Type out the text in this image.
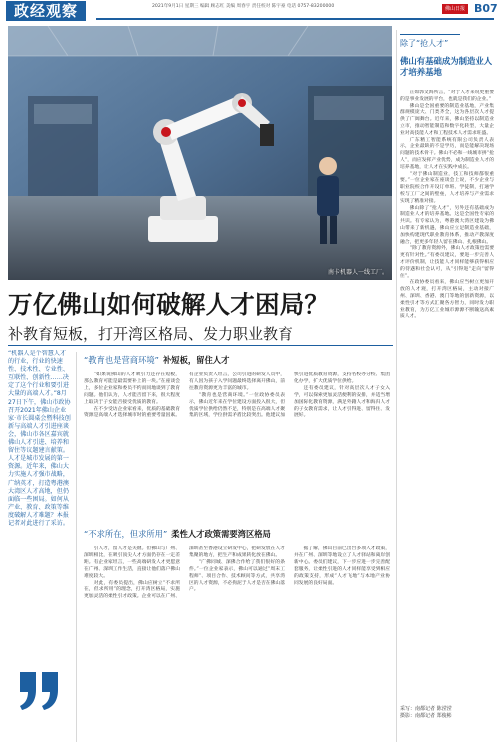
政经观察	2021年9月1日 星期三 编辑 顾志红 美编 周春宇 责任校对 陈宇豪 电话 0757-83200000	佛山日报 B07
南卡机器人一线工厂。
万亿佛山如何破解人才困局？
补教育短板，打开湾区格局、发力职业教育
除了“抢人才”
佛山有基础成为制造业人才培养基地

正如郭文海所言，“对于人才来说更重要的是事业发展的平台，也就是我们的企业。”

佛山是全国重要的制造业基地，产业集群规模庞大、门类齐全，这为各层次人才提供了广阔舞台。近年来，佛山坚持以制造业立市，推动智能制造和数字化转型，大量企业对高技能人才和工程技术人才需求旺盛。

广东精工智能系统有限公司负责人表示，企业最缺的不是学历，而是能解决现场问题的技术骨干。佛山不必和一线城市拼“抢人”，而应发挥产业优势，成为制造业人才的培养基地，让人才在实践中成长。

“对于佛山制造业，技工和技师都很重要。”一位企业家在座谈会上说，不少企业与职业院校合作开设订单班、学徒制，打通学校与工厂之间的壁垒，人才培养与产业需求实现了精准对接。

佛山除了“抢人才”，另外还有基础成为制造业人才的培养基地。这是全国性专家的共识。有专家认为，粤港澳大湾区建设为佛山带来了新机遇，佛山应立足制造业基础，加快构建现代职业教育体系，推动产教深度融合，把更多年轻人留在佛山、扎根佛山。

“除了教育资源外，佛山人才政策也需要更有针对性。”有委员建议，要进一步完善人才评价机制，让技能人才同样能够获得相应的待遇和社会认可，从“引得进”走向“留得住”。

在政协委员看来，佛山应当树立更加开放的人才观，打开湾区格局，主动对接广州、深圳、香港、澳门等地的创新资源，以柔性引才等方式汇聚各方智力，同时发力职业教育，为万亿工业城市源源不断输送高素质人才。

采写：南都记者 陈滢滢
摄影：南都记者 郑俊彬
“机器人是个智慧人才的行业，行业的快速性、技术性、专业性、互联性、创新性……决定了这个行业和要引进大量的高端人才。”8月27日下午，佛山市政协召开2021年佛山企业家·市长圆桌会暨科技创新与高端人才引进座谈会，佛山市各区嘉宾就佛山人才引进、培养和留住等议题建言献策。人才是城市发展的第一资源。近年来，佛山大力实施人才强市战略，广纳英才，打造粤港澳大湾区人才高地，但仍面临一些困局。如何从产业、教育、政策等维度破解人才难题？本报记者对此进行了采访。
“教育也是营商环境” 补短板，留住人才

“如果说佛山的人才吸引力还存在短板，那么教育可能是最需要补上的一块。”在座谈会上，多位企业家和委员不约而同地谈到了教育问题。他们认为，人才能否留下来，很大程度上取决于子女能否接受优质的教育。

在不少受访企业家看来，优质的基础教育资源是高端人才选择城市时的重要考量因素。有企业负责人坦言，公司引进的研发人员中，有人因为孩子入学问题最终选择离开佛山，前往教育资源更为丰富的城市。

“教育也是营商环境。”一位政协委员表示，佛山近年来在学位建设方面投入很大，但优质学位供给仍然不足，特别是在高端人才聚集的区域，学位供需矛盾比较突出。他建议加快引进优质教育资源，支持名校办分校、集团化办学，扩大优质学位供给。

还有委员建议，针对高层次人才子女入学，可以探索更加灵活便利的安排，并适当增加国际化教育资源，满足外籍人才和海归人才的子女教育需求，让人才引得进、留得住、发展好。

“不求所在，但求所用” 柔性人才政策需要湾区格局

引人才，留人才是关键。但佛山与广州、深圳相比，在吸引顶尖人才方面仍存在一定差距。有企业家坦言，一些高端研发人才更愿意在广州、深圳工作生活，直接让他们落户佛山难度较大。

对此，有委员提出，佛山应树立“不求所在，但求所用”的理念，打开湾区格局，实施更加灵活的柔性引才政策。企业可以在广州、深圳甚至香港设立研发中心，把研发放在人才集聚的地方，把生产和成果转化放在佛山。

“广佛同城、深佛合作给了我们很好的条件。”一位企业家表示，佛山可以通过“周末工程师”、项目合作、技术顾问等方式，共享湾区的人才资源，不必拘泥于人才是否在佛山落户。

据了解，佛山目前已出台多项人才政策，并在广州、深圳等地设立了人才驿站和离岸创新中心。委员们建议，下一步应进一步完善配套服务，让柔性引进的人才同样能享受到相应的政策支持，形成“人才飞地”与本地产业协同发展的良好局面。
